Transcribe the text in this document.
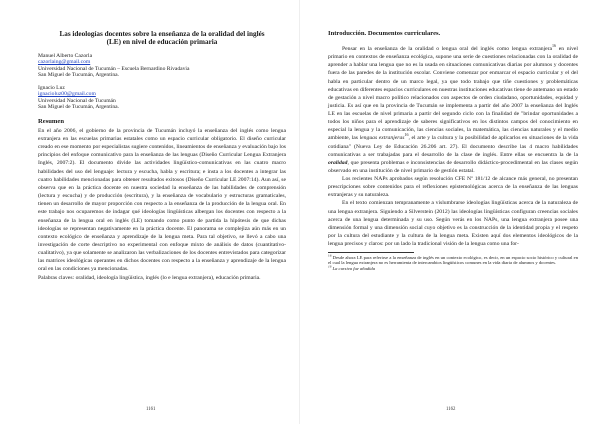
Las ideologías docentes sobre la enseñanza de la oralidad del inglés
(LE) en nivel de educación primaria
Manuel Alberto Cazorla
cazorlaing@gmail.com
Universidad Nacional de Tucumán – Escuela Bernardino Rivadavia
San Miguel de Tucumán, Argentina.
Ignacio Luz
ignacioluz00@gmail.com
Universidad Nacional de Tucumán
San Miguel de Tucumán, Argentina.
Resumen

En el año 2006, el gobierno de la provincia de Tucumán incluyó la enseñanza del inglés como lengua extranjera en las escuelas primarias estatales como un espacio curricular obligatorio. El diseño curricular creado en ese momento por especialistas sugiere contenidos, lineamientos de enseñanza y evaluación bajo los principios del enfoque comunicativo para la enseñanza de las lenguas (Diseño Curricular Lengua Extranjera Inglés, 2007:2). El documento divide las actividades lingüístico-comunicativas en las cuatro macro habilidades del uso del lenguaje: lectura y escucha, habla y escritura; e insta a los docentes a integrar las cuatro habilidades mencionadas para obtener resultados exitosos (Diseño Curricular LE 2007:14). Aun así, se observa que en la práctica docente en nuestra sociedad la enseñanza de las habilidades de comprensión (lectura y escucha) y de producción (escritura), y la enseñanza de vocabulario y estructuras gramaticales, tienen un desarrollo de mayor proporción con respecto a la enseñanza de la producción de la lengua oral. En este trabajo nos ocuparemos de indagar qué ideologías lingüísticas albergan los docentes con respecto a la enseñanza de la lengua oral en inglés (LE) tomando como punto de partida la hipótesis de que dichas ideologías se representan negativamente en la práctica docente. El panorama se complejiza aún más en un contexto ecológico de enseñanza y aprendizaje de la lengua meta. Para tal objetivo, se llevó a cabo una investigación de corte descriptivo no experimental con enfoque mixto de análisis de datos (cuantitativo-cualitativo), ya que solamente se analizaron las verbalizaciones de los docentes entrevistados para categorizar las matrices ideológicas operantes en dichos docentes con respecto a la enseñanza y aprendizaje de la lengua oral en las condiciones ya mencionadas.

Palabras claves: oralidad, ideología lingüística, inglés (lo e lengua extranjera), educación primaria.

1161
Introducción. Documentos curriculares.

Pensar en la enseñanza de la oralidad o lengua oral del inglés como lengua extranjera$^{16}$ en nivel primario en contextos de enseñanza ecológica, supone una serie de cuestiones relacionadas con la oralidad de aprender a hablar una lengua que no es la usada en situaciones comunicativas diarias por alumnos y docentes fuera de las paredes de la institución escolar. Conviene comenzar por enmarcar el espacio curricular y el del habla en particular dentro de un marco legal, ya que todo trabajo que tiñe cuestiones y problemáticas educativas en diferentes espacios curriculares en nuestras instituciones educativas tiene de antemano un estado de gestación a nivel macro político relacionados con aspectos de orden ciudadano, oportunidades, equidad y justicia. Es así que en la provincia de Tucumán se implementa a partir del año 2007 la enseñanza del Inglés LE en las escuelas de nivel primaria a partir del segundo ciclo con la finalidad de "brindar oportunidades a todos los niños para el aprendizaje de saberes significativos en los distintos campos del conocimiento en especial la lengua y la comunicación, las ciencias sociales, la matemática, las ciencias naturales y el medio ambiente, las lenguas extranjeras$^{16}$, el arte y la cultura y la posibilidad de aplicarlos en situaciones de la vida cotidiana" (Nueva Ley de Educación 26.206 art. 27). El documento describe las 4 macro habilidades comunicativas a ser trabajadas para el desarrollo de la clase de inglés. Entre ellas se encuentra la de la oralidad, que presenta problemas e inconsistencias de desarrollo didáctico-procedimental en las clases según observado en una institución de nivel primario de gestión estatal.

Los recientes NAPs aprobados según resolución CFE Nº 181/12 de alcance más general, no presentan prescripciones sobre contenidos para el reflexiones epistemológicas acerca de la enseñanza de las lenguas extranjeras y su naturaleza.

En el texto comienzan tempranamente a vislumbrarse ideologías lingüísticas acerca de la naturaleza de una lengua extranjera. Siguiendo a Silverstein (2012) las ideologías lingüísticas configuran creencias sociales acerca de una lengua determinada y su uso. Según verás en los NAPs, una lengua extranjera posee una dimensión formal y una dimensión social cuyo objetivo es la construcción de la identidad propia y el respeto por la cultura del estudiante y la cultura de la lengua meta. Existen aquí dos elementos ideológicos de la lengua precisos y claros: por un lado la tradicional visión de la lengua como una for-

$^{16}$ Desde ahora LE para referirse a la enseñanza de inglés en un contexto ecológico, es decir, en un espacio socio histórico y cultural en el cual la lengua extranjera no es herramienta de intercambios lingüísticos comunes en la vida diaria de alumnos y docentes.
$^{16}$ La cursiva fue añadida
1162
